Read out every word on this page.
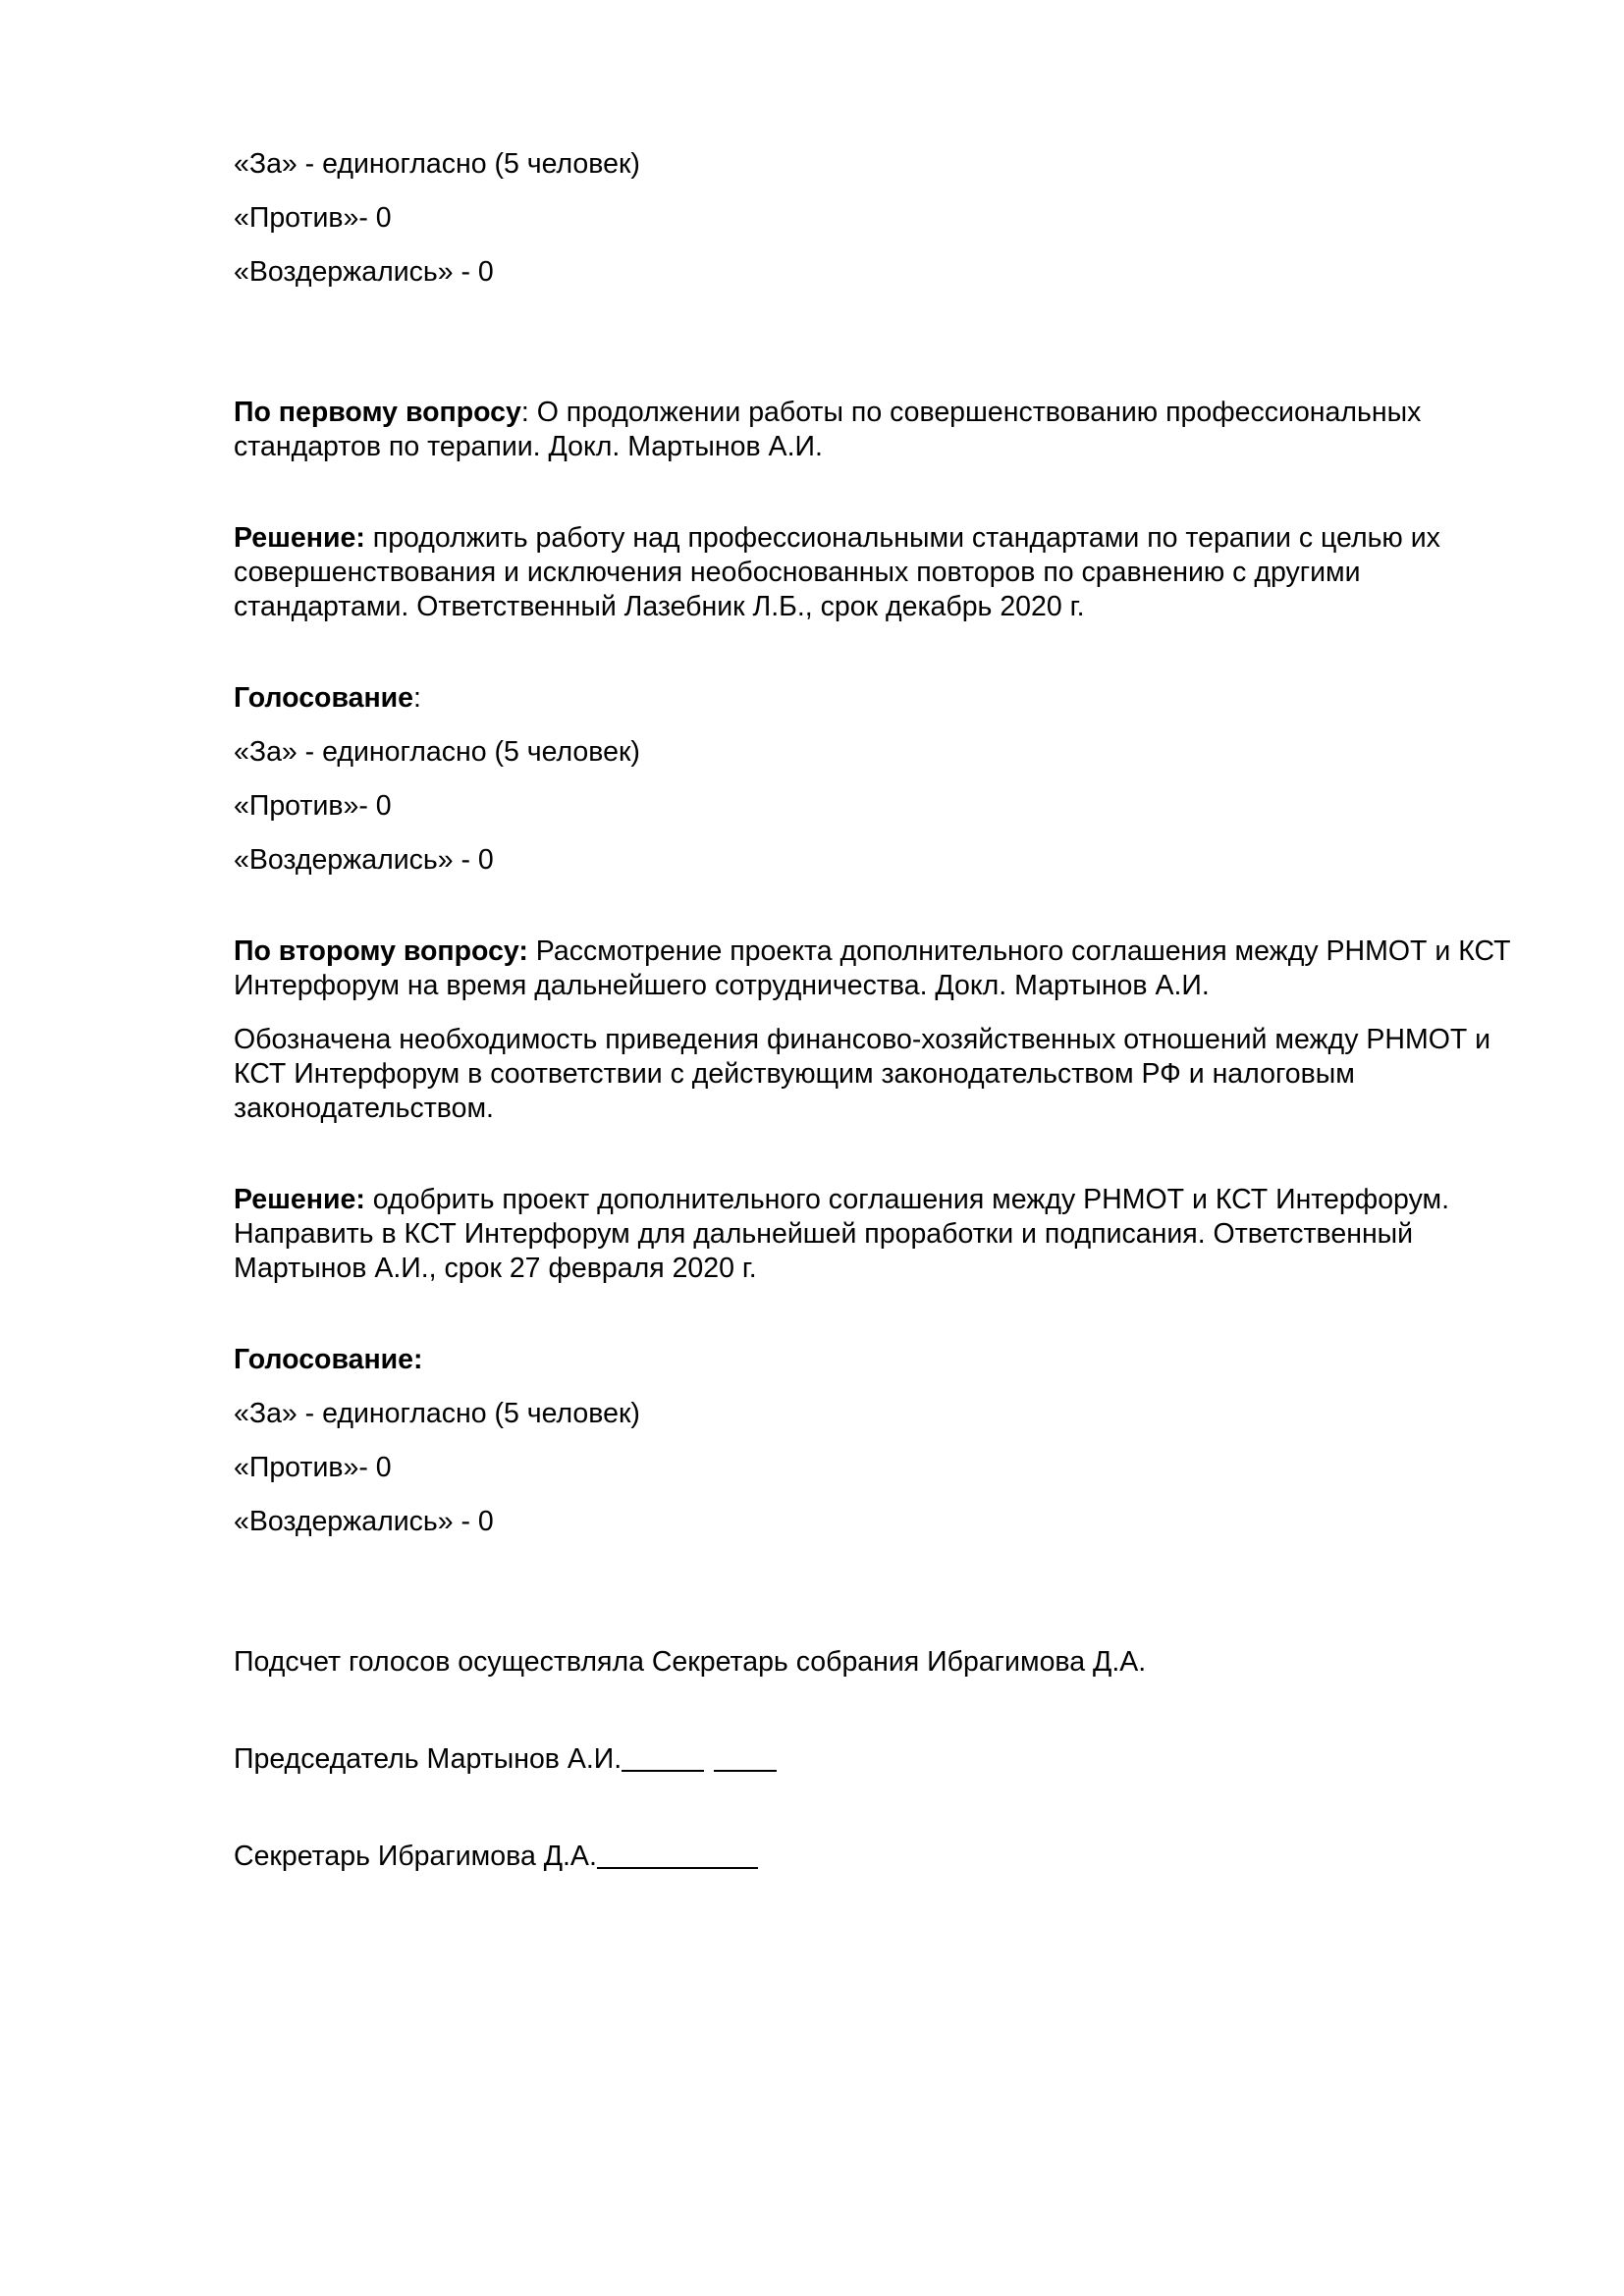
«За» - единогласно (5 человек)

«Против»- 0

«Воздержались» - 0

По первому вопросу: О продолжении работы по совершенствованию профессиональных стандартов по терапии. Докл. Мартынов А.И.

Решение: продолжить работу над профессиональными стандартами по терапии с целью их совершенствования и исключения необоснованных повторов по сравнению с другими стандартами. Ответственный Лазебник Л.Б., срок декабрь 2020 г.

Голосование:

«За» - единогласно (5 человек)

«Против»- 0

«Воздержались» - 0

По второму вопросу: Рассмотрение проекта дополнительного соглашения между РНМОТ и КСТ Интерфорум на время дальнейшего сотрудничества. Докл. Мартынов А.И.

Обозначена необходимость приведения финансово-хозяйственных отношений между РНМОТ и КСТ Интерфорум в соответствии с действующим законодательством РФ и налоговым законодательством.

Решение: одобрить проект дополнительного соглашения между РНМОТ и КСТ Интерфорум. Направить в КСТ Интерфорум для дальнейшей проработки и подписания. Ответственный Мартынов А.И., срок 27 февраля 2020 г.

Голосование:

«За» - единогласно (5 человек)

«Против»- 0

«Воздержались» - 0

Подсчет голосов осуществляла Секретарь собрания Ибрагимова Д.А.

Председатель Мартынов А.И.

Секретарь Ибрагимова Д.А.
